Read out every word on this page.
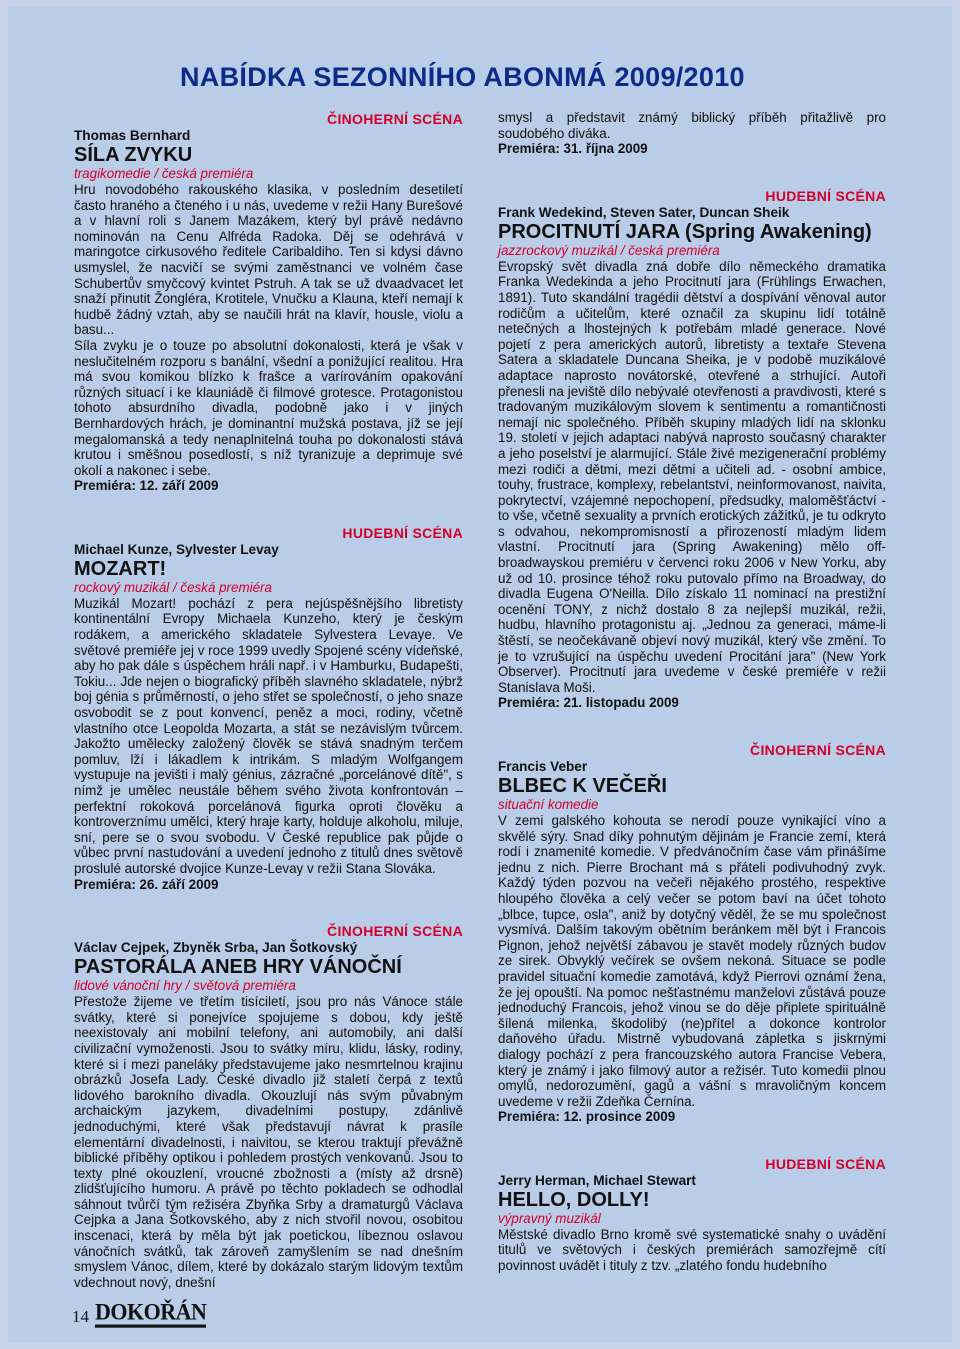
NABÍDKA SEZONNÍHO ABONMÁ 2009/2010
ČINOHERNÍ SCÉNA
Thomas Bernhard
SÍLA ZVYKU
tragikomedie / česká premiéra

Hru novodobého rakouského klasika, v posledním desetiletí často hraného a čteného i u nás, uvedeme v režii Hany Burešové a v hlavní roli s Janem Mazákem, který byl právě nedávno nominován na Cenu Alfréda Radoka. Děj se odehrává v maringotce cirkusového ředitele Caribaldiho. Ten si kdysi dávno usmyslel, že nacvičí se svými zaměstnanci ve volném čase Schubertův smyčcový kvintet Pstruh. A tak se už dvaadvacet let snaží přinutit Žongléra, Krotitele, Vnučku a Klauna, kteří nemají k hudbě žádný vztah, aby se naučili hrát na klavír, housle, violu a basu...

Síla zvyku je o touze po absolutní dokonalosti, která je však v neslučitelném rozporu s banální, všední a ponižující realitou. Hra má svou komikou blízko k frašce a varírováním opakování různých situací i ke klauniádě či filmové grotesce. Protagonistou tohoto absurdního divadla, podobně jako i v jiných Bernhardových hrách, je dominantní mužská postava, jíž se její megalomanská a tedy nenaplnitelná touha po dokonalosti stává krutou i směšnou posedlostí, s níž tyranizuje a deprimuje své okolí a nakonec i sebe.

Premiéra: 12. září 2009

HUDEBNÍ SCÉNA
Michael Kunze, Sylvester Levay
MOZART!
rockový muzikál / česká premiéra

Muzikál Mozart! pochází z pera nejúspěšnějšího libretisty kontinentální Evropy Michaela Kunzeho, který je českým rodákem, a amerického skladatele Sylvestera Levaye. Ve světové premiéře jej v roce 1999 uvedly Spojené scény vídeňské, aby ho pak dále s úspěchem hráli např. i v Hamburku, Budapešti, Tokiu... Jde nejen o biografický příběh slavného skladatele, nýbrž boj génia s průměrností, o jeho střet se společností, o jeho snaze osvobodit se z pout konvencí, peněz a moci, rodiny, včetně vlastního otce Leopolda Mozarta, a stát se nezávislým tvůrcem. Jakožto umělecky založený člověk se stává snadným terčem pomluv, lží i lákadlem k intrikám. S mladým Wolfgangem vystupuje na jevišti i malý génius, zázračné „porcelánové dítě", s nímž je umělec neustále během svého života konfrontován – perfektní rokoková porcelánová figurka oproti člověku a kontroverznímu umělci, který hraje karty, holduje alkoholu, miluje, sní, pere se o svou svobodu. V České republice pak půjde o vůbec první nastudování a uvedení jednoho z titulů dnes světově proslulé autorské dvojice Kunze-Levay v režii Stana Slováka.

Premiéra: 26. září 2009

ČINOHERNÍ SCÉNA
Václav Cejpek, Zbyněk Srba, Jan Šotkovský
PASTORÁLA ANEB HRY VÁNOČNÍ
lidové vánoční hry / světová premiéra

Přestože žijeme ve třetím tisíciletí, jsou pro nás Vánoce stále svátky, které si ponejvíce spojujeme s dobou, kdy ještě neexistovaly ani mobilní telefony, ani automobily, ani další civilizační vymoženosti. Jsou to svátky míru, klidu, lásky, rodiny, které si i mezi paneláky představujeme jako nesmrtelnou krajinu obrázků Josefa Lady. České divadlo již staletí čerpá z textů lidového barokního divadla. Okouzlují nás svým půvabným archaickým jazykem, divadelními postupy, zdánlivě jednoduchými, které však představují návrat k prasíle elementární divadelnosti, i naivitou, se kterou traktují převážně biblické příběhy optikou i pohledem prostých venkovanů. Jsou to texty plné okouzlení, vroucné zbožnosti a (místy až drsně) zlidšťujícího humoru. A právě po těchto pokladech se odhodlal sáhnout tvůrčí tým režiséra Zbyňka Srby a dramaturgů Václava Cejpka a Jana Šotkovského, aby z nich stvořil novou, osobitou inscenaci, která by měla být jak poetickou, líbeznou oslavou vánočních svátků, tak zároveň zamyšlením se nad dnešním smyslem Vánoc, dílem, které by dokázalo starým lidovým textům vdechnout nový, dnešní

smysl a představit známý biblický příběh přitažlivě pro soudobého diváka.

Premiéra: 31. října 2009

HUDEBNÍ SCÉNA
Frank Wedekind, Steven Sater, Duncan Sheik
PROCITNUTÍ JARA (Spring Awakening)
jazzrockový muzikál / česká premiéra

Evropský svět divadla zná dobře dílo německého dramatika Franka Wedekinda a jeho Procitnutí jara (Frühlings Erwachen, 1891). Tuto skandální tragédii dětství a dospívání věnoval autor rodičům a učitelům, které označil za skupinu lidí totálně netečných a lhostejných k potřebám mladé generace. Nové pojetí z pera amerických autorů, libretisty a textaře Stevena Satera a skladatele Duncana Sheika, je v podobě muzikálové adaptace naprosto novátorské, otevřené a strhující. Autoři přenesli na jeviště dílo nebývalé otevřenosti a pravdivosti, které s tradovaným muzikálovým slovem k sentimentu a romantičnosti nemají nic společného. Příběh skupiny mladých lidí na sklonku 19. století v jejich adaptaci nabývá naprosto současný charakter a jeho poselství je alarmující. Stále živé mezigenerační problémy mezi rodiči a dětmi, mezi dětmi a učiteli ad. - osobní ambice, touhy, frustrace, komplexy, rebelantství, neinformovanost, naivita, pokrytectví, vzájemné nepochopení, předsudky, maloměšťáctví - to vše, včetně sexuality a prvních erotických zážitků, je tu odkryto s odvahou, nekompromisností a přirozeností mladým lidem vlastní. Procitnutí jara (Spring Awakening) mělo off-broadwayskou premiéru v červenci roku 2006 v New Yorku, aby už od 10. prosince téhož roku putovalo přímo na Broadway, do divadla Eugena O'Neilla. Dílo získalo 11 nominací na prestižní ocenění TONY, z nichž dostalo 8 za nejlepší muzikál, režii, hudbu, hlavního protagonistu aj. „Jednou za generaci, máme-li štěstí, se neočekávaně objeví nový muzikál, který vše změní. To je to vzrušující na úspěchu uvedení Procitání jara" (New York Observer). Procitnutí jara uvedeme v české premiéře v režii Stanislava Moši.

Premiéra: 21. listopadu 2009

ČINOHERNÍ SCÉNA
Francis Veber
BLBEC K VEČEŘI
situační komedie

V zemi galského kohouta se nerodí pouze vynikající víno a skvělé sýry. Snad díky pohnutým dějinám je Francie zemí, která rodí i znamenité komedie. V předvánočním čase vám přinášíme jednu z nich. Pierre Brochant má s přáteli podivuhodný zvyk. Každý týden pozvou na večeři nějakého prostého, respektive hloupého člověka a celý večer se potom baví na účet tohoto „blbce, tupce, osla", aniž by dotyčný věděl, že se mu společnost vysmívá. Dalším takovým obětním beránkem měl být i Francois Pignon, jehož největší zábavou je stavět modely různých budov ze sirek. Obvyklý večírek se ovšem nekoná. Situace se podle pravidel situační komedie zamotává, když Pierrovi oznámí žena, že jej opouští. Na pomoc nešťastnému manželovi zůstává pouze jednoduchý Francois, jehož vinou se do děje připlete spirituálně šílená milenka, škodolibý (ne)přítel a dokonce kontrolor daňového úřadu. Mistrně vybudovaná zápletka s jiskrnými dialogy pochází z pera francouzského autora Francise Vebera, který je známý i jako filmový autor a režisér. Tuto komedii plnou omylů, nedorozumění, gagů a vášní s mravoličným koncem uvedeme v režii Zdeňka Černína.

Premiéra: 12. prosince 2009

HUDEBNÍ SCÉNA
Jerry Herman, Michael Stewart
HELLO, DOLLY!
výpravný muzikál

Městské divadlo Brno kromě své systematické snahy o uvádění titulů ve světových i českých premiérách samozřejmě cítí povinnost uvádět i tituly z tzv. „zlatého fondu hudebního

14 DOKOŘÁN
